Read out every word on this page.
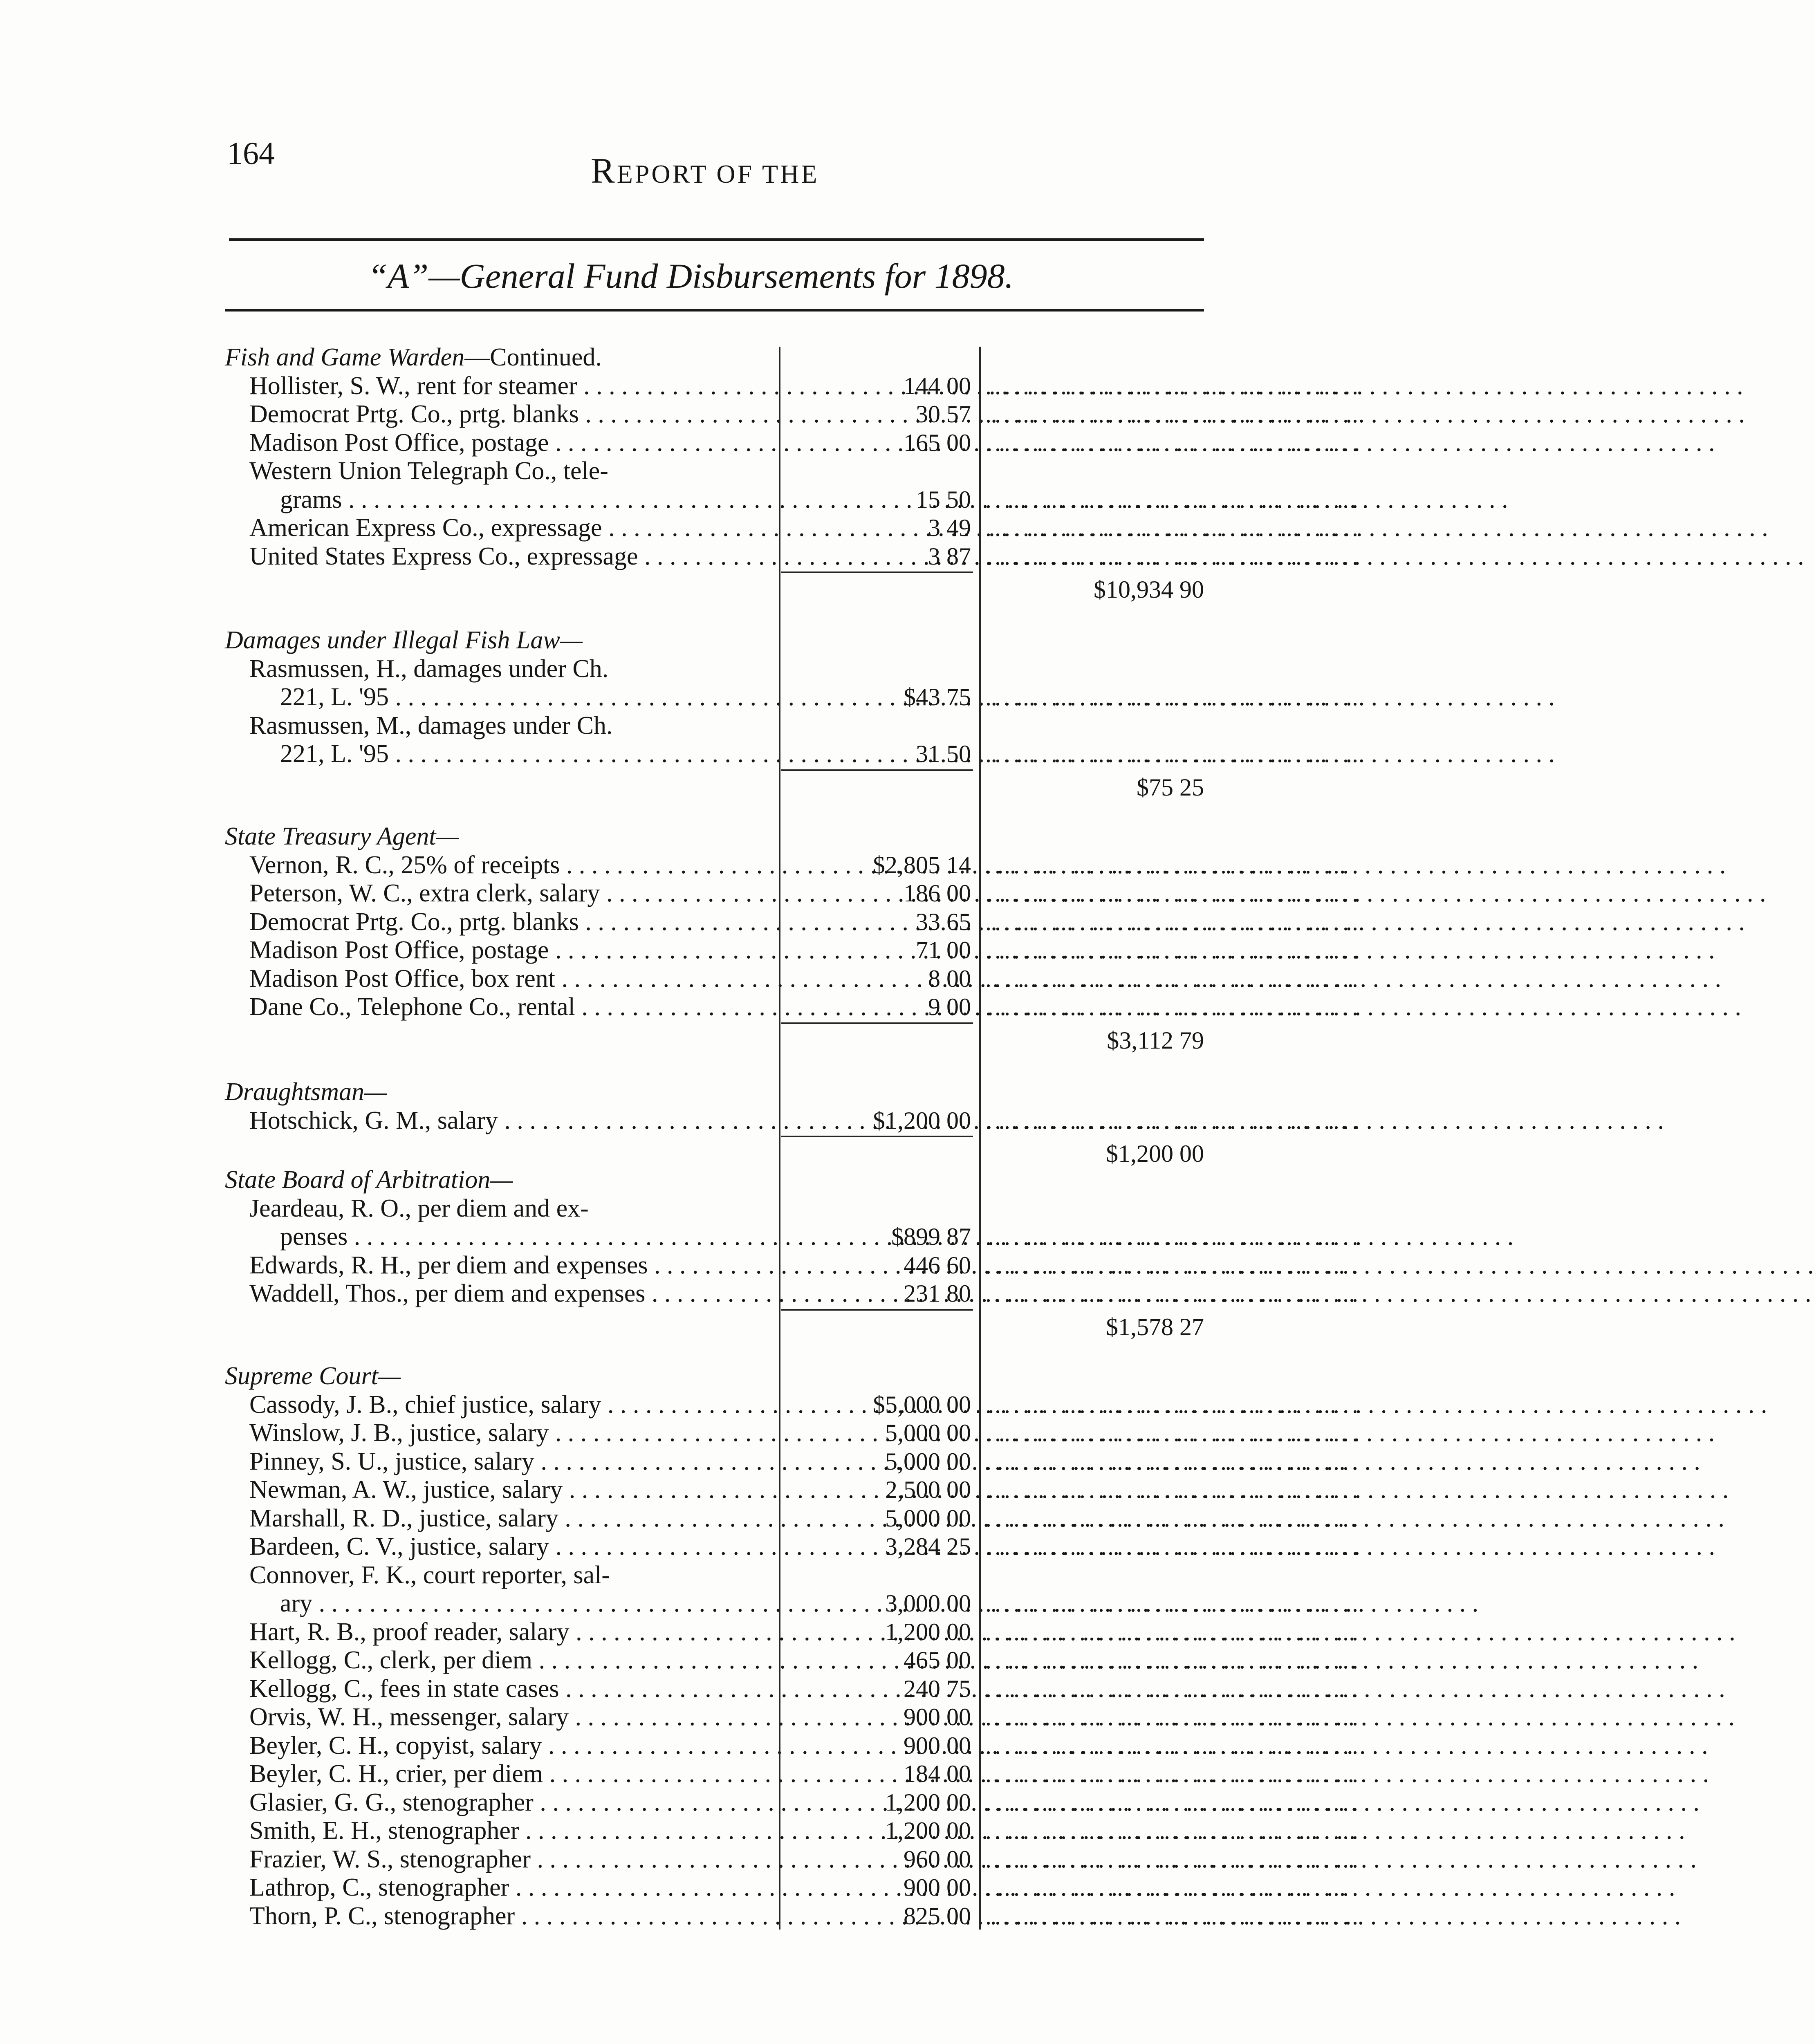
164	REPORT OF THE
“A”—General Fund Disbursements for 1898.
Fish and Game Warden—Continued.
Hollister, S. W., rent for steamer . . .	144 00 ........................................
Democrat Prtg. Co., prtg. blanks . . .	30 57 ........................................
Madison Post Office, postage . . .	165 00 ........................................
Western Union Telegraph Co., tele-
grams . . .	15 50 ........................................
American Express Co., expressage . . .	3 49 ........................................
United States Express Co., expressage . . .	3 87 ........................................
$10,934 90
Damages under Illegal Fish Law—
Rasmussen, H., damages under Ch.
221, L. '95 . . .	$43 75 ........................................
Rasmussen, M., damages under Ch.
221, L. '95 . . .	31 50 ........................................
$75 25
State Treasury Agent—
Vernon, R. C., 25% of receipts . . .	$2,805 14 ........................................
Peterson, W. C., extra clerk, salary . . .	186 00 ........................................
Democrat Prtg. Co., prtg. blanks . . .	33 65 ........................................
Madison Post Office, postage . . .	71 00 ........................................
Madison Post Office, box rent . . .	8 00 ........................................
Dane Co., Telephone Co., rental . . .	9 00 ........................................
$3,112 79
Draughtsman—
Hotschick, G. M., salary . . .	$1,200 00 ........................................
$1,200 00
State Board of Arbitration—
Jeardeau, R. O., per diem and ex-
penses . . .	$899 87 ........................................
Edwards, R. H., per diem and expenses . . .	446 60 ........................................
Waddell, Thos., per diem and expenses . . .	231 80 ........................................
$1,578 27
Supreme Court—
Cassody, J. B., chief justice, salary . . .	$5,000 00 ........................................
Winslow, J. B., justice, salary . . .	5,000 00 ........................................
Pinney, S. U., justice, salary . . .	5,000 00 ........................................
Newman, A. W., justice, salary . . .	2,500 00 ........................................
Marshall, R. D., justice, salary . . .	5,000 00 ........................................
Bardeen, C. V., justice, salary . . .	3,284 25 ........................................
Connover, F. K., court reporter, sal-
ary . . .	3,000 00 ........................................
Hart, R. B., proof reader, salary . . .	1,200 00 ........................................
Kellogg, C., clerk, per diem . . .	465 00 ........................................
Kellogg, C., fees in state cases . . .	240 75 ........................................
Orvis, W. H., messenger, salary . . .	900 00 ........................................
Beyler, C. H., copyist, salary . . .	900 00 ........................................
Beyler, C. H., crier, per diem . . .	184 00 ........................................
Glasier, G. G., stenographer . . .	1,200 00 ........................................
Smith, E. H., stenographer . . .	1,200 00 ........................................
Frazier, W. S., stenographer . . .	960 00 ........................................
Lathrop, C., stenographer . . .	900 00 ........................................
Thorn, P. C., stenographer . . .	825 00 ........................................
